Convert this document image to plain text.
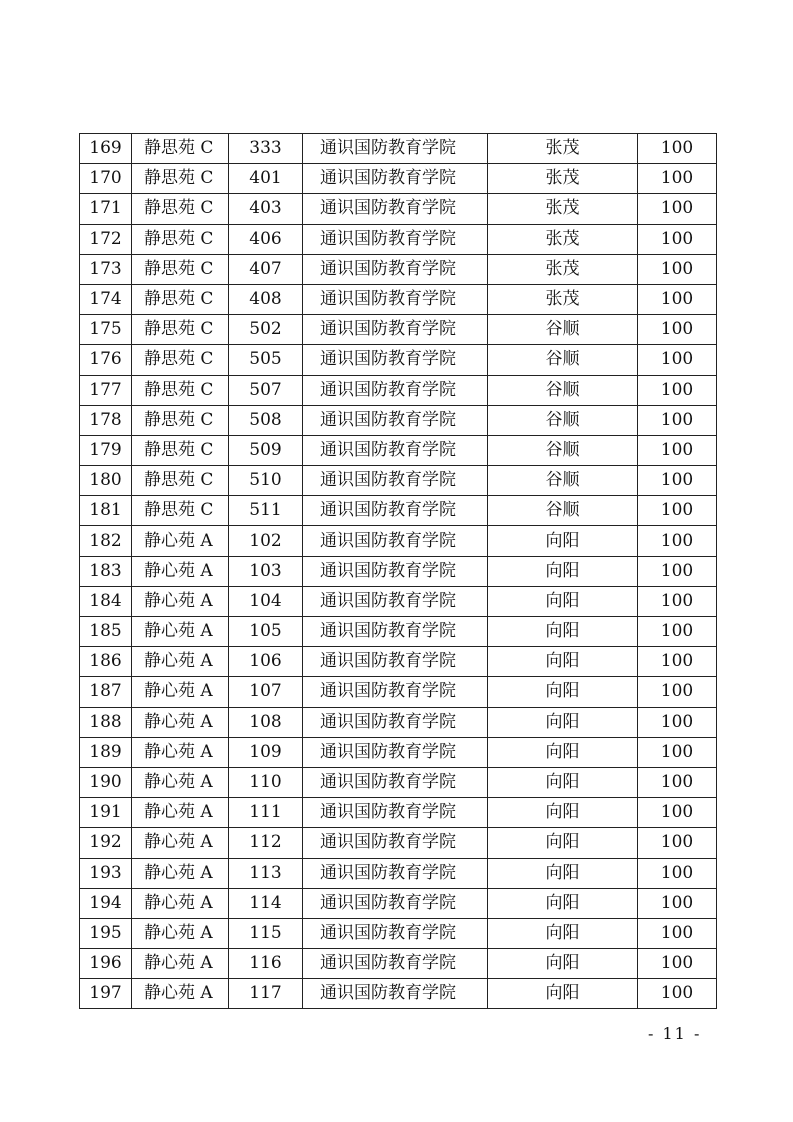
169	静思苑 C	333	通识国防教育学院	张茂	100
170	静思苑 C	401	通识国防教育学院	张茂	100
171	静思苑 C	403	通识国防教育学院	张茂	100
172	静思苑 C	406	通识国防教育学院	张茂	100
173	静思苑 C	407	通识国防教育学院	张茂	100
174	静思苑 C	408	通识国防教育学院	张茂	100
175	静思苑 C	502	通识国防教育学院	谷顺	100
176	静思苑 C	505	通识国防教育学院	谷顺	100
177	静思苑 C	507	通识国防教育学院	谷顺	100
178	静思苑 C	508	通识国防教育学院	谷顺	100
179	静思苑 C	509	通识国防教育学院	谷顺	100
180	静思苑 C	510	通识国防教育学院	谷顺	100
181	静思苑 C	511	通识国防教育学院	谷顺	100
182	静心苑 A	102	通识国防教育学院	向阳	100
183	静心苑 A	103	通识国防教育学院	向阳	100
184	静心苑 A	104	通识国防教育学院	向阳	100
185	静心苑 A	105	通识国防教育学院	向阳	100
186	静心苑 A	106	通识国防教育学院	向阳	100
187	静心苑 A	107	通识国防教育学院	向阳	100
188	静心苑 A	108	通识国防教育学院	向阳	100
189	静心苑 A	109	通识国防教育学院	向阳	100
190	静心苑 A	110	通识国防教育学院	向阳	100
191	静心苑 A	111	通识国防教育学院	向阳	100
192	静心苑 A	112	通识国防教育学院	向阳	100
193	静心苑 A	113	通识国防教育学院	向阳	100
194	静心苑 A	114	通识国防教育学院	向阳	100
195	静心苑 A	115	通识国防教育学院	向阳	100
196	静心苑 A	116	通识国防教育学院	向阳	100
197	静心苑 A	117	通识国防教育学院	向阳	100
- 11 -
